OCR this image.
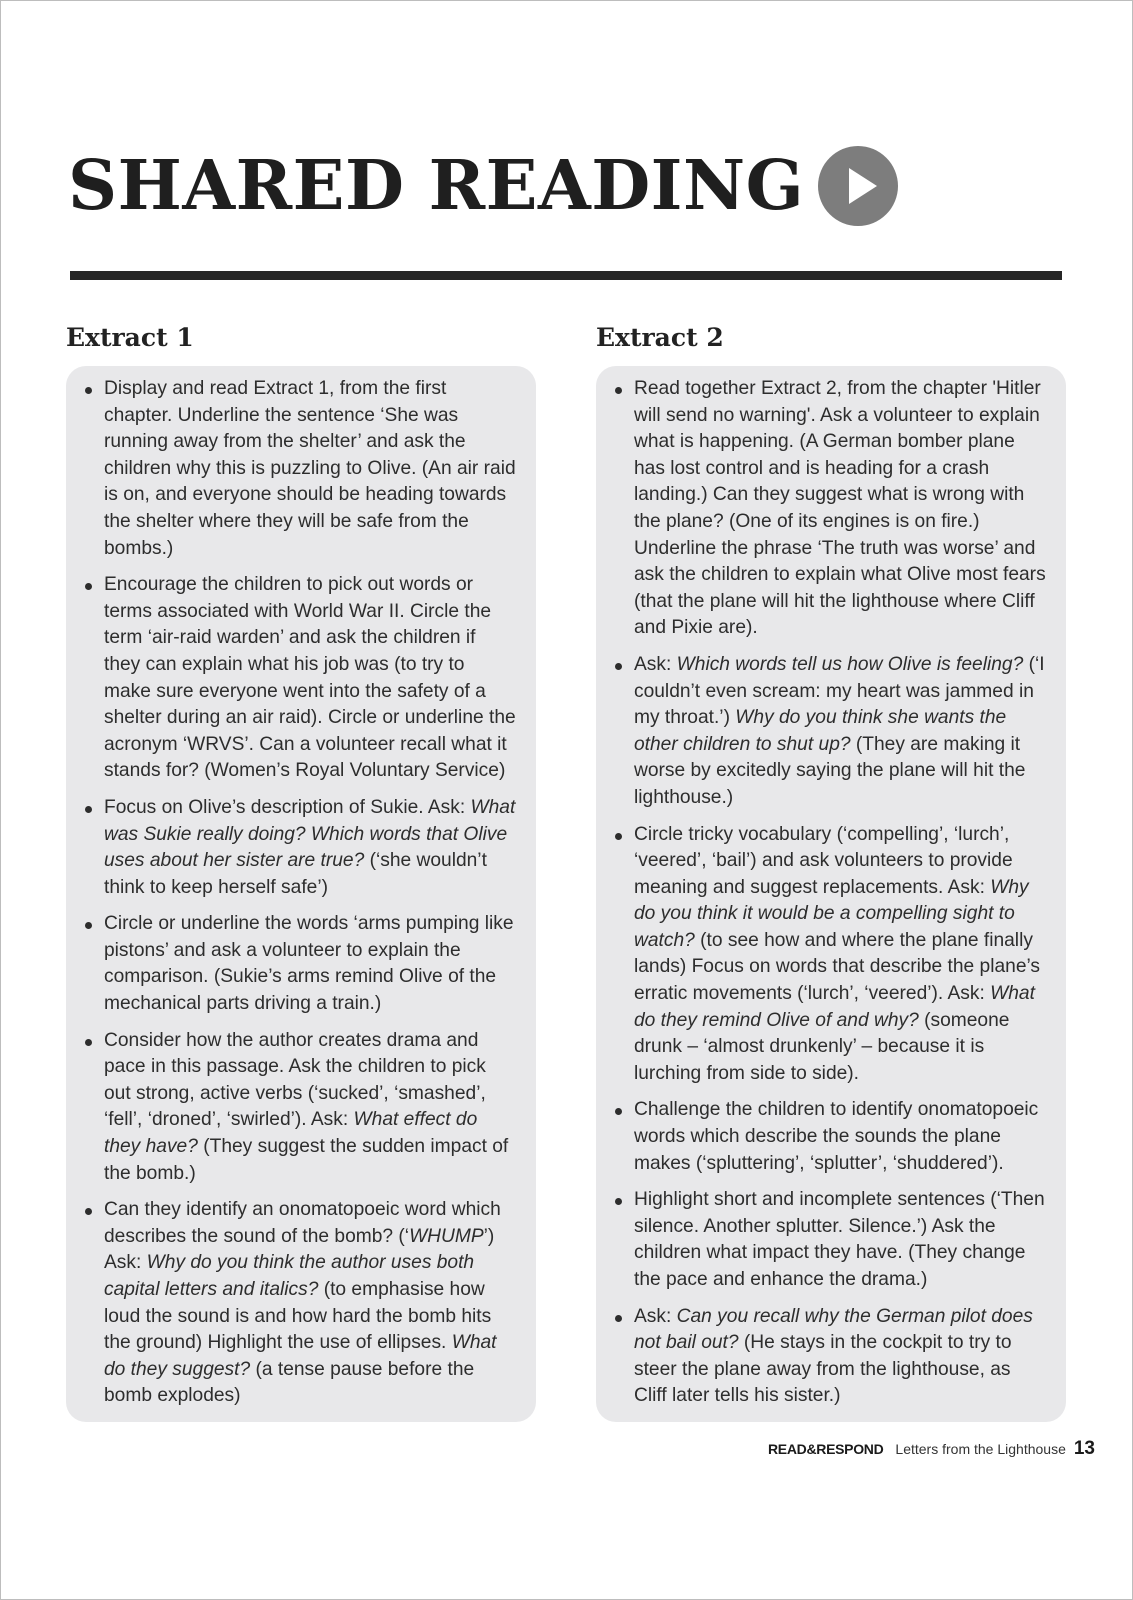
SHARED READING
Extract 1
Display and read Extract 1, from the first chapter. Underline the sentence ‘She was running away from the shelter’ and ask the children why this is puzzling to Olive. (An air raid is on, and everyone should be heading towards the shelter where they will be safe from the bombs.)
Encourage the children to pick out words or terms associated with World War II. Circle the term ‘air-raid warden’ and ask the children if they can explain what his job was (to try to make sure everyone went into the safety of a shelter during an air raid). Circle or underline the acronym ‘WRVS’. Can a volunteer recall what it stands for? (Women’s Royal Voluntary Service)
Focus on Olive’s description of Sukie. Ask: What was Sukie really doing? Which words that Olive uses about her sister are true? (‘she wouldn’t think to keep herself safe’)
Circle or underline the words ‘arms pumping like pistons’ and ask a volunteer to explain the comparison. (Sukie’s arms remind Olive of the mechanical parts driving a train.)
Consider how the author creates drama and pace in this passage. Ask the children to pick out strong, active verbs (‘sucked’, ‘smashed’, ‘fell’, ‘droned’, ‘swirled’). Ask: What effect do they have? (They suggest the sudden impact of the bomb.)
Can they identify an onomatopoeic word which describes the sound of the bomb? (‘WHUMP’) Ask: Why do you think the author uses both capital letters and italics? (to emphasise how loud the sound is and how hard the bomb hits the ground) Highlight the use of ellipses. What do they suggest? (a tense pause before the bomb explodes)
Extract 2
Read together Extract 2, from the chapter 'Hitler will send no warning'. Ask a volunteer to explain what is happening. (A German bomber plane has lost control and is heading for a crash landing.) Can they suggest what is wrong with the plane? (One of its engines is on fire.) Underline the phrase ‘The truth was worse’ and ask the children to explain what Olive most fears (that the plane will hit the lighthouse where Cliff and Pixie are).
Ask: Which words tell us how Olive is feeling? (‘I couldn’t even scream: my heart was jammed in my throat.’) Why do you think she wants the other children to shut up? (They are making it worse by excitedly saying the plane will hit the lighthouse.)
Circle tricky vocabulary (‘compelling’, ‘lurch’, ‘veered’, ‘bail’) and ask volunteers to provide meaning and suggest replacements. Ask: Why do you think it would be a compelling sight to watch? (to see how and where the plane finally lands) Focus on words that describe the plane’s erratic movements (‘lurch’, ‘veered’). Ask: What do they remind Olive of and why? (someone drunk – ‘almost drunkenly’ – because it is lurching from side to side).
Challenge the children to identify onomatopoeic words which describe the sounds the plane makes (‘spluttering’, ‘splutter’, ‘shuddered’).
Highlight short and incomplete sentences (‘Then silence. Another splutter. Silence.’) Ask the children what impact they have. (They change the pace and enhance the drama.)
Ask: Can you recall why the German pilot does not bail out? (He stays in the cockpit to try to steer the plane away from the lighthouse, as Cliff later tells his sister.)
READ&RESPOND Letters from the Lighthouse 13
